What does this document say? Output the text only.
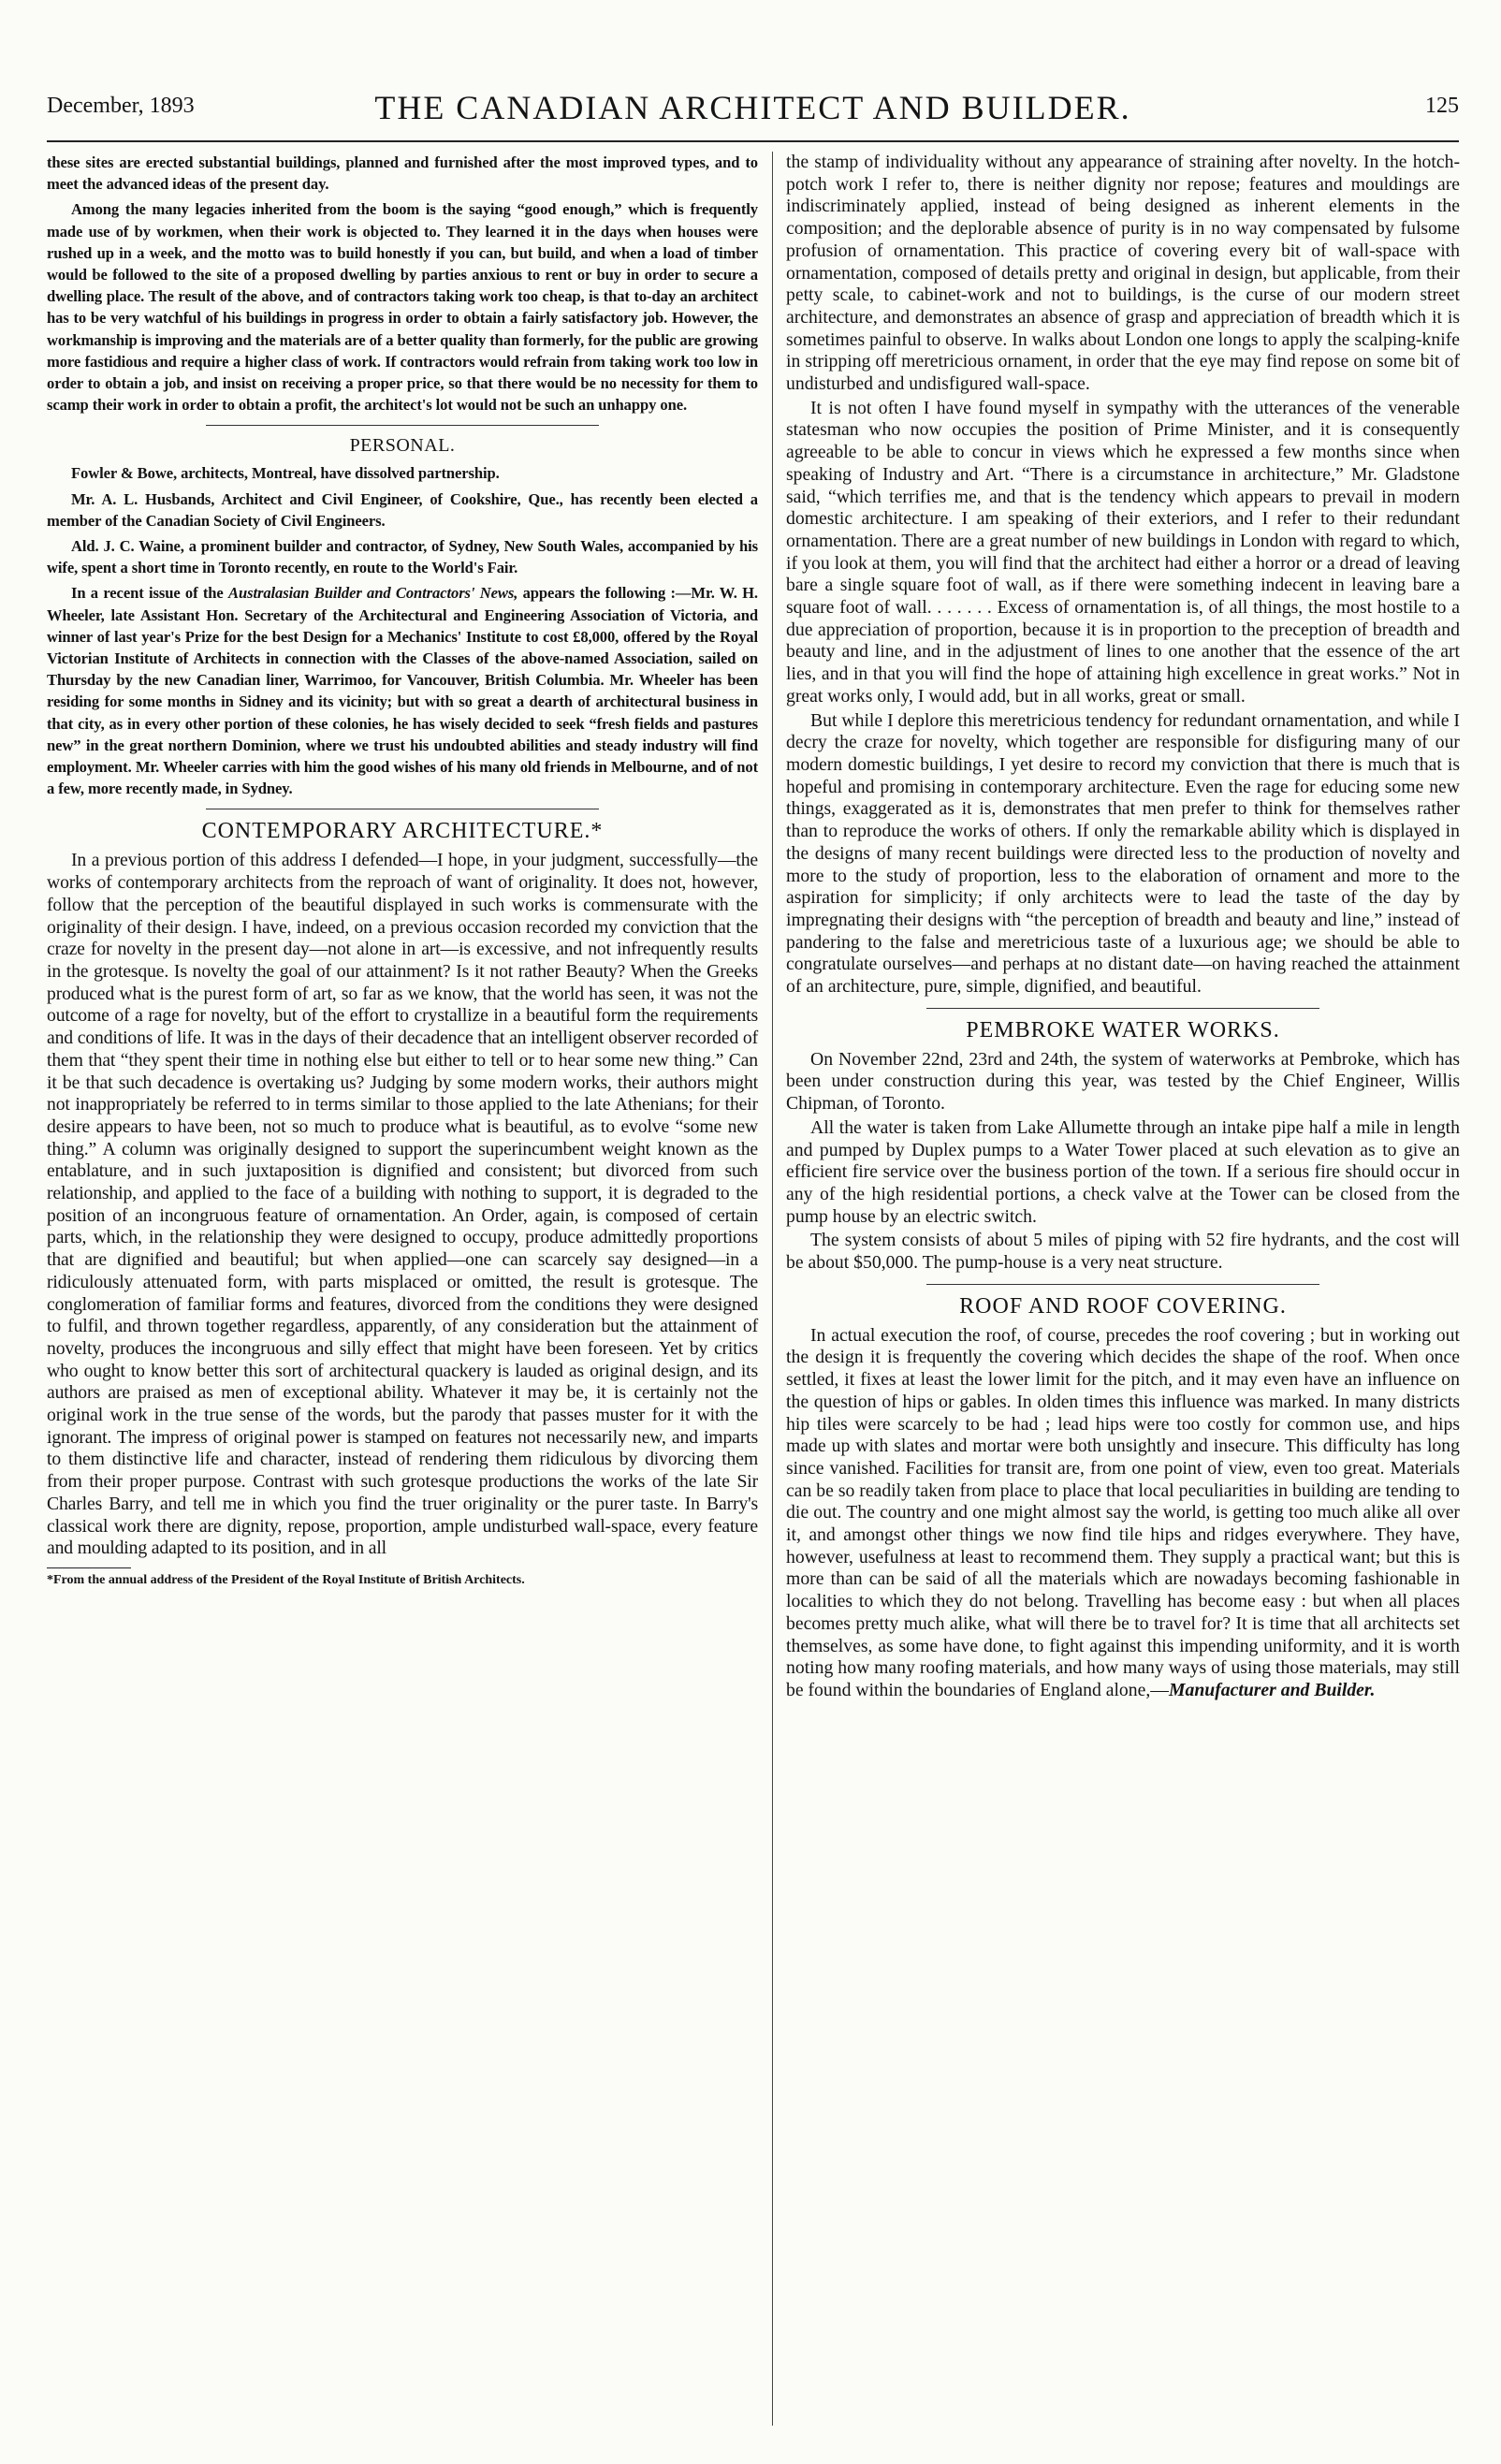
December, 1893	THE CANADIAN ARCHITECT AND BUILDER.	125

these sites are erected substantial buildings, planned and furnished after the most improved types, and to meet the advanced ideas of the present day.

Among the many legacies inherited from the boom is the saying “good enough,” which is frequently made use of by workmen, when their work is objected to. They learned it in the days when houses were rushed up in a week, and the motto was to build honestly if you can, but build, and when a load of timber would be followed to the site of a proposed dwelling by parties anxious to rent or buy in order to secure a dwelling place. The result of the above, and of contractors taking work too cheap, is that to-day an architect has to be very watchful of his buildings in progress in order to obtain a fairly satisfactory job. However, the workmanship is improving and the materials are of a better quality than formerly, for the public are growing more fastidious and require a higher class of work. If contractors would refrain from taking work too low in order to obtain a job, and insist on receiving a proper price, so that there would be no necessity for them to scamp their work in order to obtain a profit, the architect's lot would not be such an unhappy one.

PERSONAL.

Fowler & Bowe, architects, Montreal, have dissolved partnership.

Mr. A. L. Husbands, Architect and Civil Engineer, of Cookshire, Que., has recently been elected a member of the Canadian Society of Civil Engineers.

Ald. J. C. Waine, a prominent builder and contractor, of Sydney, New South Wales, accompanied by his wife, spent a short time in Toronto recently, en route to the World's Fair.

In a recent issue of the Australasian Builder and Contractors' News, appears the following :—Mr. W. H. Wheeler, late Assistant Hon. Secretary of the Architectural and Engineering Association of Victoria, and winner of last year's Prize for the best Design for a Mechanics' Institute to cost £8,000, offered by the Royal Victorian Institute of Architects in connection with the Classes of the above-named Association, sailed on Thursday by the new Canadian liner, Warrimoo, for Vancouver, British Columbia. Mr. Wheeler has been residing for some months in Sidney and its vicinity; but with so great a dearth of architectural business in that city, as in every other portion of these colonies, he has wisely decided to seek “fresh fields and pastures new” in the great northern Dominion, where we trust his undoubted abilities and steady industry will find employment. Mr. Wheeler carries with him the good wishes of his many old friends in Melbourne, and of not a few, more recently made, in Sydney.

CONTEMPORARY ARCHITECTURE.*

In a previous portion of this address I defended—I hope, in your judgment, successfully—the works of contemporary architects from the reproach of want of originality. It does not, however, follow that the perception of the beautiful displayed in such works is commensurate with the originality of their design. I have, indeed, on a previous occasion recorded my conviction that the craze for novelty in the present day—not alone in art—is excessive, and not infrequently results in the grotesque. Is novelty the goal of our attainment? Is it not rather Beauty? When the Greeks produced what is the purest form of art, so far as we know, that the world has seen, it was not the outcome of a rage for novelty, but of the effort to crystallize in a beautiful form the requirements and conditions of life. It was in the days of their decadence that an intelligent observer recorded of them that “they spent their time in nothing else but either to tell or to hear some new thing.” Can it be that such decadence is overtaking us? Judging by some modern works, their authors might not inappropriately be referred to in terms similar to those applied to the late Athenians; for their desire appears to have been, not so much to produce what is beautiful, as to evolve “some new thing.” A column was originally designed to support the superincumbent weight known as the entablature, and in such juxtaposition is dignified and consistent; but divorced from such relationship, and applied to the face of a building with nothing to support, it is degraded to the position of an incongruous feature of ornamentation. An Order, again, is composed of certain parts, which, in the relationship they were designed to occupy, produce admittedly proportions that are dignified and beautiful; but when applied—one can scarcely say designed—in a ridiculously attenuated form, with parts misplaced or omitted, the result is grotesque. The conglomeration of familiar forms and features, divorced from the conditions they were designed to fulfil, and thrown together regardless, apparently, of any consideration but the attainment of novelty, produces the incongruous and silly effect that might have been foreseen. Yet by critics who ought to know better this sort of architectural quackery is lauded as original design, and its authors are praised as men of exceptional ability. Whatever it may be, it is certainly not the original work in the true sense of the words, but the parody that passes muster for it with the ignorant. The impress of original power is stamped on features not necessarily new, and imparts to them distinctive life and character, instead of rendering them ridiculous by divorcing them from their proper purpose. Contrast with such grotesque productions the works of the late Sir Charles Barry, and tell me in which you find the truer originality or the purer taste. In Barry's classical work there are dignity, repose, proportion, ample undisturbed wall-space, every feature and moulding adapted to its position, and in all

*From the annual address of the President of the Royal Institute of British Architects.

the stamp of individuality without any appearance of straining after novelty. In the hotch-potch work I refer to, there is neither dignity nor repose; features and mouldings are indiscriminately applied, instead of being designed as inherent elements in the composition; and the deplorable absence of purity is in no way compensated by fulsome profusion of ornamentation. This practice of covering every bit of wall-space with ornamentation, composed of details pretty and original in design, but applicable, from their petty scale, to cabinet-work and not to buildings, is the curse of our modern street architecture, and demonstrates an absence of grasp and appreciation of breadth which it is sometimes painful to observe. In walks about London one longs to apply the scalping-knife in stripping off meretricious ornament, in order that the eye may find repose on some bit of undisturbed and undisfigured wall-space.

It is not often I have found myself in sympathy with the utterances of the venerable statesman who now occupies the position of Prime Minister, and it is consequently agreeable to be able to concur in views which he expressed a few months since when speaking of Industry and Art. “There is a circumstance in architecture,” Mr. Gladstone said, “which terrifies me, and that is the tendency which appears to prevail in modern domestic architecture. I am speaking of their exteriors, and I refer to their redundant ornamentation. There are a great number of new buildings in London with regard to which, if you look at them, you will find that the architect had either a horror or a dread of leaving bare a single square foot of wall, as if there were something indecent in leaving bare a square foot of wall. . . . . . . Excess of ornamentation is, of all things, the most hostile to a due appreciation of proportion, because it is in proportion to the preception of breadth and beauty and line, and in the adjustment of lines to one another that the essence of the art lies, and in that you will find the hope of attaining high excellence in great works.” Not in great works only, I would add, but in all works, great or small.

But while I deplore this meretricious tendency for redundant ornamentation, and while I decry the craze for novelty, which together are responsible for disfiguring many of our modern domestic buildings, I yet desire to record my conviction that there is much that is hopeful and promising in contemporary architecture. Even the rage for educing some new things, exaggerated as it is, demonstrates that men prefer to think for themselves rather than to reproduce the works of others. If only the remarkable ability which is displayed in the designs of many recent buildings were directed less to the production of novelty and more to the study of proportion, less to the elaboration of ornament and more to the aspiration for simplicity; if only architects were to lead the taste of the day by impregnating their designs with “the perception of breadth and beauty and line,” instead of pandering to the false and meretricious taste of a luxurious age; we should be able to congratulate ourselves—and perhaps at no distant date—on having reached the attainment of an architecture, pure, simple, dignified, and beautiful.

PEMBROKE WATER WORKS.

On November 22nd, 23rd and 24th, the system of waterworks at Pembroke, which has been under construction during this year, was tested by the Chief Engineer, Willis Chipman, of Toronto.

All the water is taken from Lake Allumette through an intake pipe half a mile in length and pumped by Duplex pumps to a Water Tower placed at such elevation as to give an efficient fire service over the business portion of the town. If a serious fire should occur in any of the high residential portions, a check valve at the Tower can be closed from the pump house by an electric switch.

The system consists of about 5 miles of piping with 52 fire hydrants, and the cost will be about $50,000. The pump-house is a very neat structure.

ROOF AND ROOF COVERING.

In actual execution the roof, of course, precedes the roof covering ; but in working out the design it is frequently the covering which decides the shape of the roof. When once settled, it fixes at least the lower limit for the pitch, and it may even have an influence on the question of hips or gables. In olden times this influence was marked. In many districts hip tiles were scarcely to be had ; lead hips were too costly for common use, and hips made up with slates and mortar were both unsightly and insecure. This difficulty has long since vanished. Facilities for transit are, from one point of view, even too great. Materials can be so readily taken from place to place that local peculiarities in building are tending to die out. The country and one might almost say the world, is getting too much alike all over it, and amongst other things we now find tile hips and ridges everywhere. They have, however, usefulness at least to recommend them. They supply a practical want; but this is more than can be said of all the materials which are nowadays becoming fashionable in localities to which they do not belong. Travelling has become easy : but when all places becomes pretty much alike, what will there be to travel for? It is time that all architects set themselves, as some have done, to fight against this impending uniformity, and it is worth noting how many roofing materials, and how many ways of using those materials, may still be found within the boundaries of England alone,—Manufacturer and Builder.
